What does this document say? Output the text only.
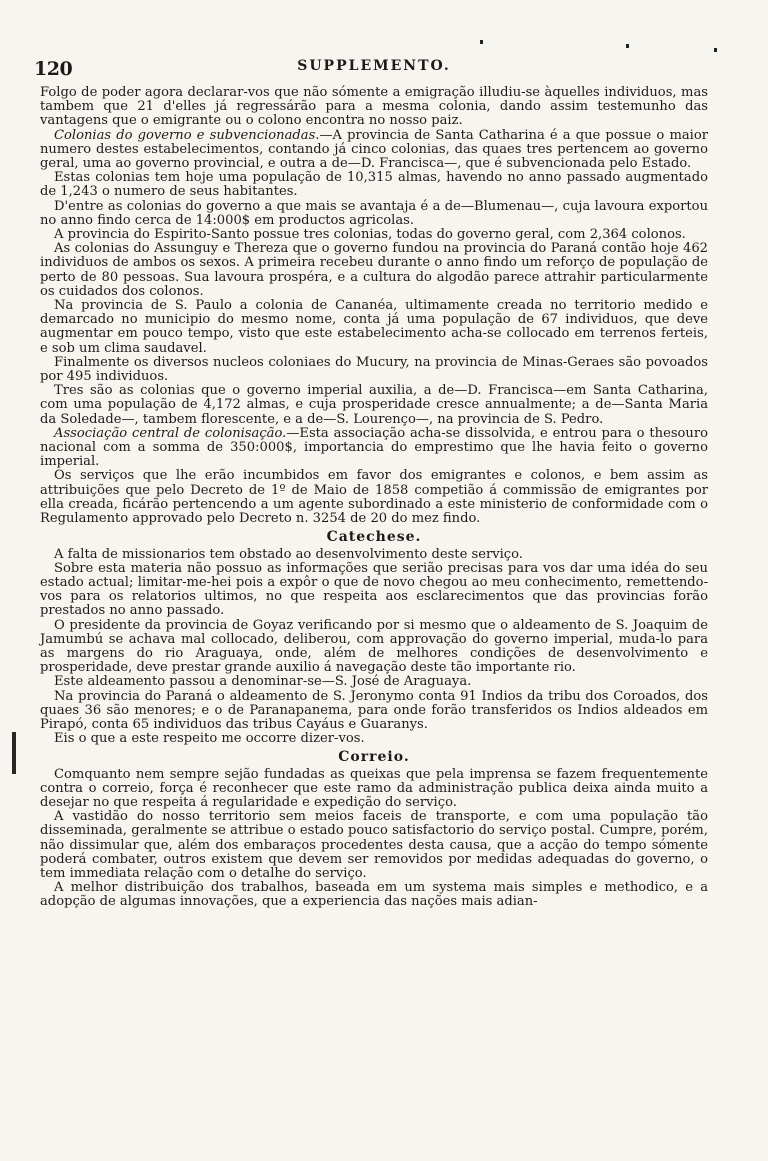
120	SUPPLEMENTO.

Folgo de poder agora declarar-vos que não sómente a emigração illudiu-se àquelles individuos, mas tambem que 21 d'elles já regressárão para a mesma colonia, dando assim testemunho das vantagens que o emigrante ou o colono encontra no nosso paiz.

Colonias do governo e subvencionadas.—A provincia de Santa Catharina é a que possue o maior numero destes estabelecimentos, contando já cinco colonias, das quaes tres pertencem ao governo geral, uma ao governo provincial, e outra a de—D. Francisca—, que é subvencionada pelo Estado.

Estas colonias tem hoje uma população de 10,315 almas, havendo no anno passado augmentado de 1,243 o numero de seus habitantes.

D'entre as colonias do governo a que mais se avantaja é a de—Blumenau—, cuja lavoura exportou no anno findo cerca de 14:000$ em productos agricolas.

A provincia do Espirito-Santo possue tres colonias, todas do governo geral, com 2,364 colonos.

As colonias do Assunguy e Thereza que o governo fundou na provincia do Paraná contão hoje 462 individuos de ambos os sexos. A primeira recebeu durante o anno findo um reforço de população de perto de 80 pessoas. Sua lavoura prospéra, e a cultura do algodão parece attrahir particularmente os cuidados dos colonos.

Na provincia de S. Paulo a colonia de Cananéa, ultimamente creada no territorio medido e demarcado no municipio do mesmo nome, conta já uma população de 67 individuos, que deve augmentar em pouco tempo, visto que este estabelecimento acha-se collocado em terrenos ferteis, e sob um clima saudavel.

Finalmente os diversos nucleos coloniaes do Mucury, na provincia de Minas-Geraes são povoados por 495 individuos.

Tres são as colonias que o governo imperial auxilia, a de—D. Francisca—em Santa Catharina, com uma população de 4,172 almas, e cuja prosperidade cresce annualmente; a de—Santa Maria da Soledade—, tambem florescente, e a de—S. Lourenço—, na provincia de S. Pedro.

Associação central de colonisação.—Esta associação acha-se dissolvida, e entrou para o thesouro nacional com a somma de 350:000$, importancia do emprestimo que lhe havia feito o governo imperial.

Os serviços que lhe erão incumbidos em favor dos emigrantes e colonos, e bem assim as attribuições que pelo Decreto de 1º de Maio de 1858 competião á commissão de emigrantes por ella creada, ficárão pertencendo a um agente subordinado a este ministerio de conformidade com o Regulamento approvado pelo Decreto n. 3254 de 20 do mez findo.

Catechese.

A falta de missionarios tem obstado ao desenvolvimento deste serviço.

Sobre esta materia não possuo as informações que serião precisas para vos dar uma idéa do seu estado actual; limitar-me-hei pois a expôr o que de novo chegou ao meu conhecimento, remettendo-vos para os relatorios ultimos, no que respeita aos esclarecimentos que das provincias forão prestados no anno passado.

O presidente da provincia de Goyaz verificando por si mesmo que o aldeamento de S. Joaquim de Jamumbú se achava mal collocado, deliberou, com approvação do governo imperial, muda-lo para as margens do rio Araguaya, onde, além de melhores condições de desenvolvimento e prosperidade, deve prestar grande auxilio á navegação deste tão importante rio.

Este aldeamento passou a denominar-se—S. José de Araguaya.

Na provincia do Paraná o aldeamento de S. Jeronymo conta 91 Indios da tribu dos Coroados, dos quaes 36 são menores; e o de Paranapanema, para onde forão transferidos os Indios aldeados em Pirapó, conta 65 individuos das tribus Cayáus e Guaranys.

Eis o que a este respeito me occorre dizer-vos.

Correio.

Comquanto nem sempre sejão fundadas as queixas que pela imprensa se fazem frequentemente contra o correio, força é reconhecer que este ramo da administração publica deixa ainda muito a desejar no que respeita á regularidade e expedição do serviço.

A vastidão do nosso territorio sem meios faceis de transporte, e com uma população tão disseminada, geralmente se attribue o estado pouco satisfactorio do serviço postal. Cumpre, porém, não dissimular que, além dos embaraços procedentes desta causa, que a acção do tempo sómente poderá combater, outros existem que devem ser removidos por medidas adequadas do governo, o tem immediata relação com o detalhe do serviço.

A melhor distribuição dos trabalhos, baseada em um systema mais simples e methodico, e a adopção de algumas innovações, que a experiencia das nações mais adian-
